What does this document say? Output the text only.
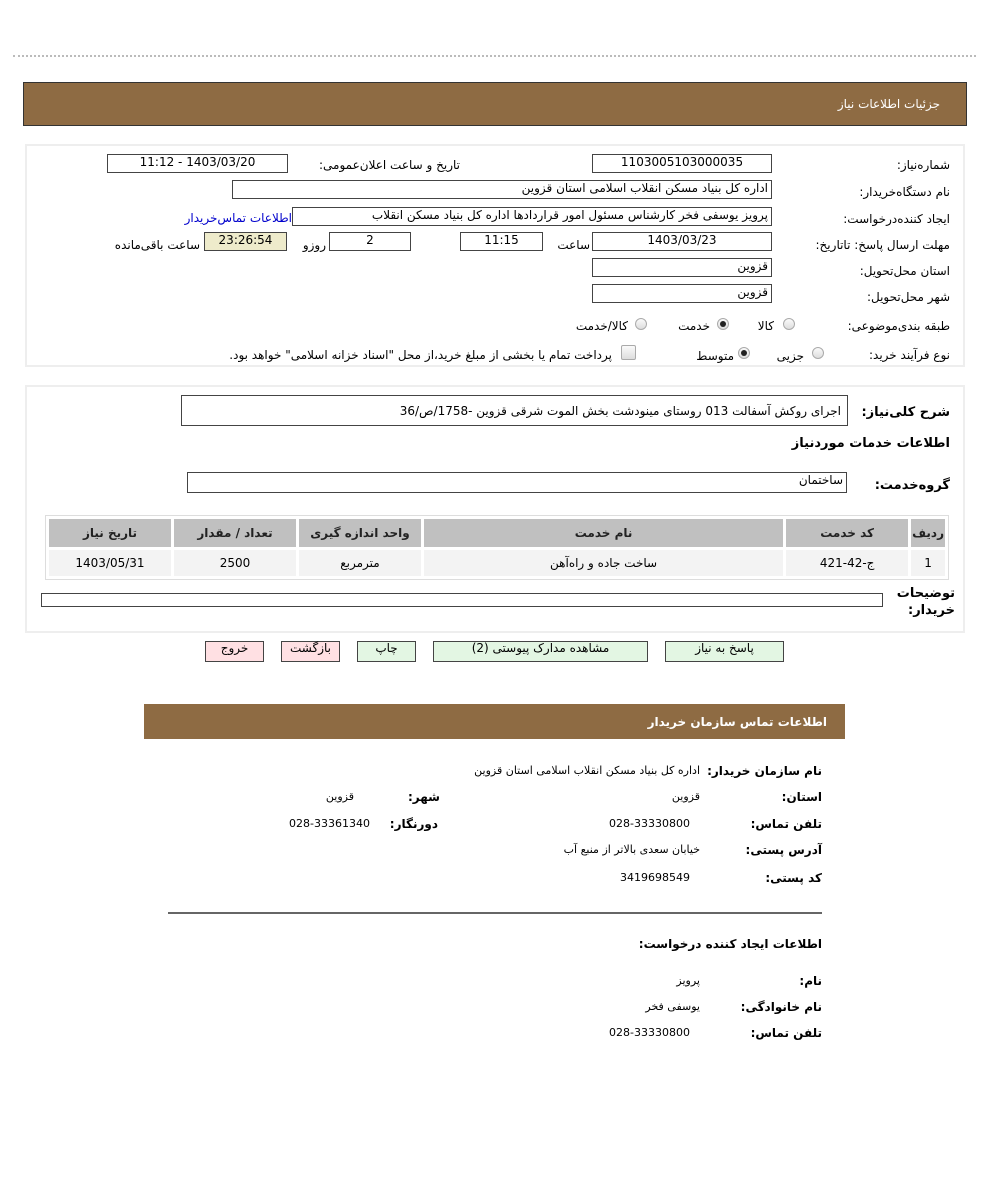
جزئیات اطلاعات نیاز
شماره‌نیاز:
1103005103000035
تاریخ و ساعت اعلان‌عمومی:
1403/03/20 - 11:12
نام دستگاه‌خریدار:
اداره کل بنیاد مسکن انقلاب اسلامی استان قزوین
ایجاد کننده‌درخواست:
پرویز یوسفی فخر کارشناس مسئول امور قراردادها اداره کل بنیاد مسکن انقلاب
اطلاعات تماس‌خریدار
مهلت ارسال پاسخ: تاتاریخ:
1403/03/23
ساعت
11:15
2
روزو
23:26:54
ساعت باقی‌مانده
استان محل‌تحویل:
قزوین
شهر محل‌تحویل:
قزوین
طبقه بندی‌موضوعی:
کالا
خدمت
کالا/خدمت
نوع فرآیند خرید:
جزیی
متوسط
پرداخت تمام یا بخشی از مبلغ خرید،از محل "اسناد خزانه اسلامی" خواهد بود.
شرح کلی‌نیاز:
اجرای روکش آسفالت 013 روستای مینودشت بخش الموت شرقی قزوین -1758/ص/36
اطلاعات خدمات موردنیاز
گروه‌خدمت:
ساختمان
ردیف	کد خدمت	نام خدمت	واحد اندازه گیری	تعداد / مقدار	تاریخ نیاز
1	ج-42-421	ساخت جاده و راه‌آهن	مترمربع	2500	1403/05/31
توضیحات خریدار:
پاسخ به نیاز
مشاهده مدارک پیوستی (2)
چاپ
بازگشت
خروج
اطلاعات تماس سازمان خریدار
نام سازمان خریدار:
اداره کل بنیاد مسکن انقلاب اسلامی استان قزوین
استان:
قزوین
شهر:
قزوین
تلفن تماس:
028-33330800
دورنگار:
028-33361340
آدرس پستی:
خیابان سعدی بالاتر از منبع آب
کد پستی:
3419698549
اطلاعات ایجاد کننده درخواست:
نام:
پرویز
نام خانوادگی:
یوسفی فخر
تلفن تماس:
028-33330800
